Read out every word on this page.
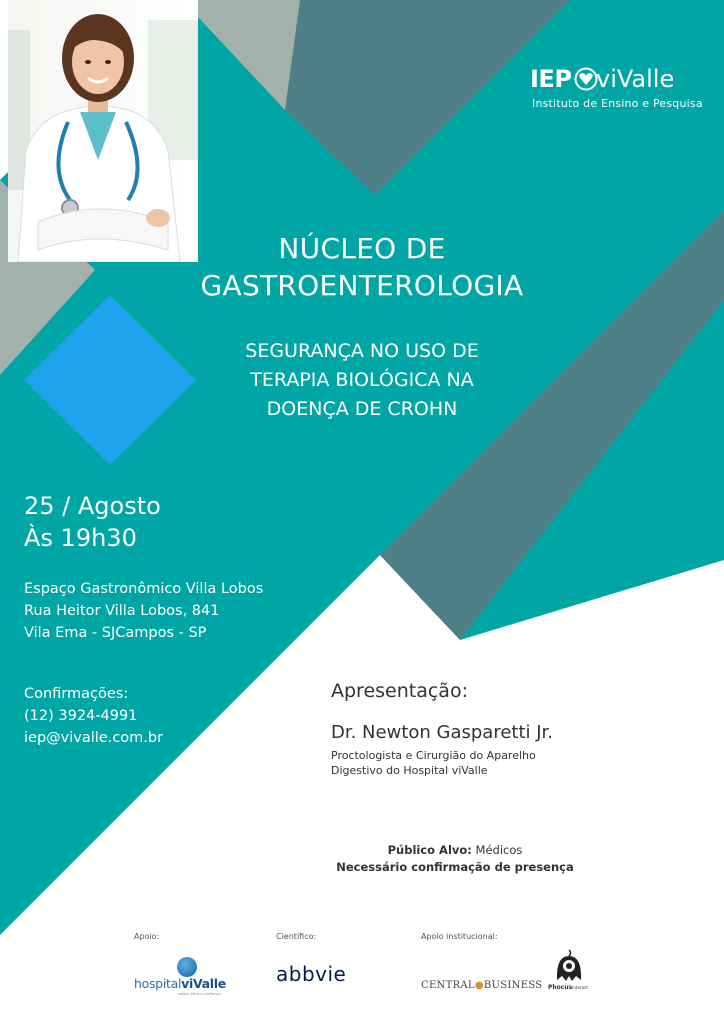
IEP viValle
Instituto de Ensino e Pesquisa
NÚCLEO DE
GASTROENTEROLOGIA
SEGURANÇA NO USO DE
TERAPIA BIOLÓGICA NA
DOENÇA DE CROHN
25 / Agosto
Às 19h30
Espaço Gastronômico Villa Lobos
Rua Heitor Villa Lobos, 841
Vila Ema - SJCampos - SP
Confirmações:
(12) 3924-4991
iep@vivalle.com.br
Apresentação:
Dr. Newton Gasparetti Jr.
Proctologista e Cirurgião do Aparelho
Digestivo do Hospital viValle
Público Alvo: Médicos
Necessário confirmação de presença
Apoio:	Científico:	Apoio institucional:
hospitalviValle
saúde, ética e confiança
abbvie	CENTRAL●BUSINESS PhocusInteract
